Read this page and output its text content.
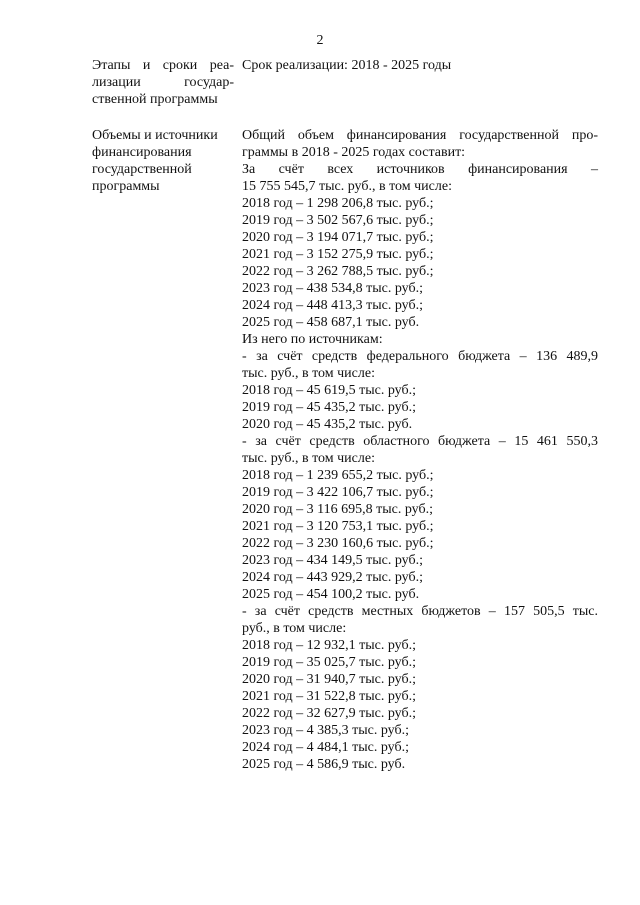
2
Этапы и сроки реа-
лизации государ-
ственной программы
Срок реализации: 2018 - 2025 годы
Объемы и источники
финансирования
государственной
программы
Общий объем финансирования государственной про-
граммы в 2018 - 2025 годах составит:
За счёт всех источников финансирования –
15 755 545,7 тыс. руб., в том числе:
2018 год – 1 298 206,8 тыс. руб.;
2019 год – 3 502 567,6 тыс. руб.;
2020 год – 3 194 071,7 тыс. руб.;
2021 год – 3 152 275,9 тыс. руб.;
2022 год – 3 262 788,5 тыс. руб.;
2023 год – 438 534,8 тыс. руб.;
2024 год – 448 413,3 тыс. руб.;
2025 год – 458 687,1 тыс. руб.
Из него по источникам:
- за счёт средств федерального бюджета – 136 489,9
тыс. руб., в том числе:
2018 год – 45 619,5 тыс. руб.;
2019 год – 45 435,2 тыс. руб.;
2020 год – 45 435,2 тыс. руб.
- за счёт средств областного бюджета – 15 461 550,3
тыс. руб., в том числе:
2018 год – 1 239 655,2 тыс. руб.;
2019 год – 3 422 106,7 тыс. руб.;
2020 год – 3 116 695,8 тыс. руб.;
2021 год – 3 120 753,1 тыс. руб.;
2022 год – 3 230 160,6 тыс. руб.;
2023 год – 434 149,5 тыс. руб.;
2024 год – 443 929,2 тыс. руб.;
2025 год – 454 100,2 тыс. руб.
- за счёт средств местных бюджетов – 157 505,5 тыс.
руб., в том числе:
2018 год – 12 932,1 тыс. руб.;
2019 год – 35 025,7 тыс. руб.;
2020 год – 31 940,7 тыс. руб.;
2021 год – 31 522,8 тыс. руб.;
2022 год – 32 627,9 тыс. руб.;
2023 год – 4 385,3 тыс. руб.;
2024 год – 4 484,1 тыс. руб.;
2025 год – 4 586,9 тыс. руб.
